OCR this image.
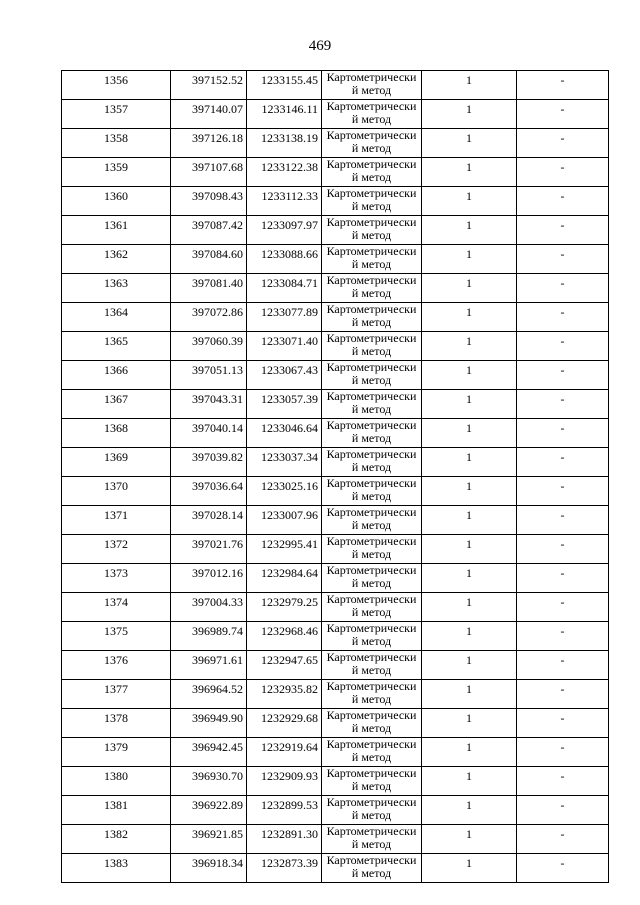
469
1356	397152.52	1233155.45	Картометрически
й метод	1	-
1357	397140.07	1233146.11	Картометрически
й метод	1	-
1358	397126.18	1233138.19	Картометрически
й метод	1	-
1359	397107.68	1233122.38	Картометрически
й метод	1	-
1360	397098.43	1233112.33	Картометрически
й метод	1	-
1361	397087.42	1233097.97	Картометрически
й метод	1	-
1362	397084.60	1233088.66	Картометрически
й метод	1	-
1363	397081.40	1233084.71	Картометрически
й метод	1	-
1364	397072.86	1233077.89	Картометрически
й метод	1	-
1365	397060.39	1233071.40	Картометрически
й метод	1	-
1366	397051.13	1233067.43	Картометрически
й метод	1	-
1367	397043.31	1233057.39	Картометрически
й метод	1	-
1368	397040.14	1233046.64	Картометрически
й метод	1	-
1369	397039.82	1233037.34	Картометрически
й метод	1	-
1370	397036.64	1233025.16	Картометрически
й метод	1	-
1371	397028.14	1233007.96	Картометрически
й метод	1	-
1372	397021.76	1232995.41	Картометрически
й метод	1	-
1373	397012.16	1232984.64	Картометрически
й метод	1	-
1374	397004.33	1232979.25	Картометрически
й метод	1	-
1375	396989.74	1232968.46	Картометрически
й метод	1	-
1376	396971.61	1232947.65	Картометрически
й метод	1	-
1377	396964.52	1232935.82	Картометрически
й метод	1	-
1378	396949.90	1232929.68	Картометрически
й метод	1	-
1379	396942.45	1232919.64	Картометрически
й метод	1	-
1380	396930.70	1232909.93	Картометрически
й метод	1	-
1381	396922.89	1232899.53	Картометрически
й метод	1	-
1382	396921.85	1232891.30	Картометрически
й метод	1	-
1383	396918.34	1232873.39	Картометрически
й метод	1	-
